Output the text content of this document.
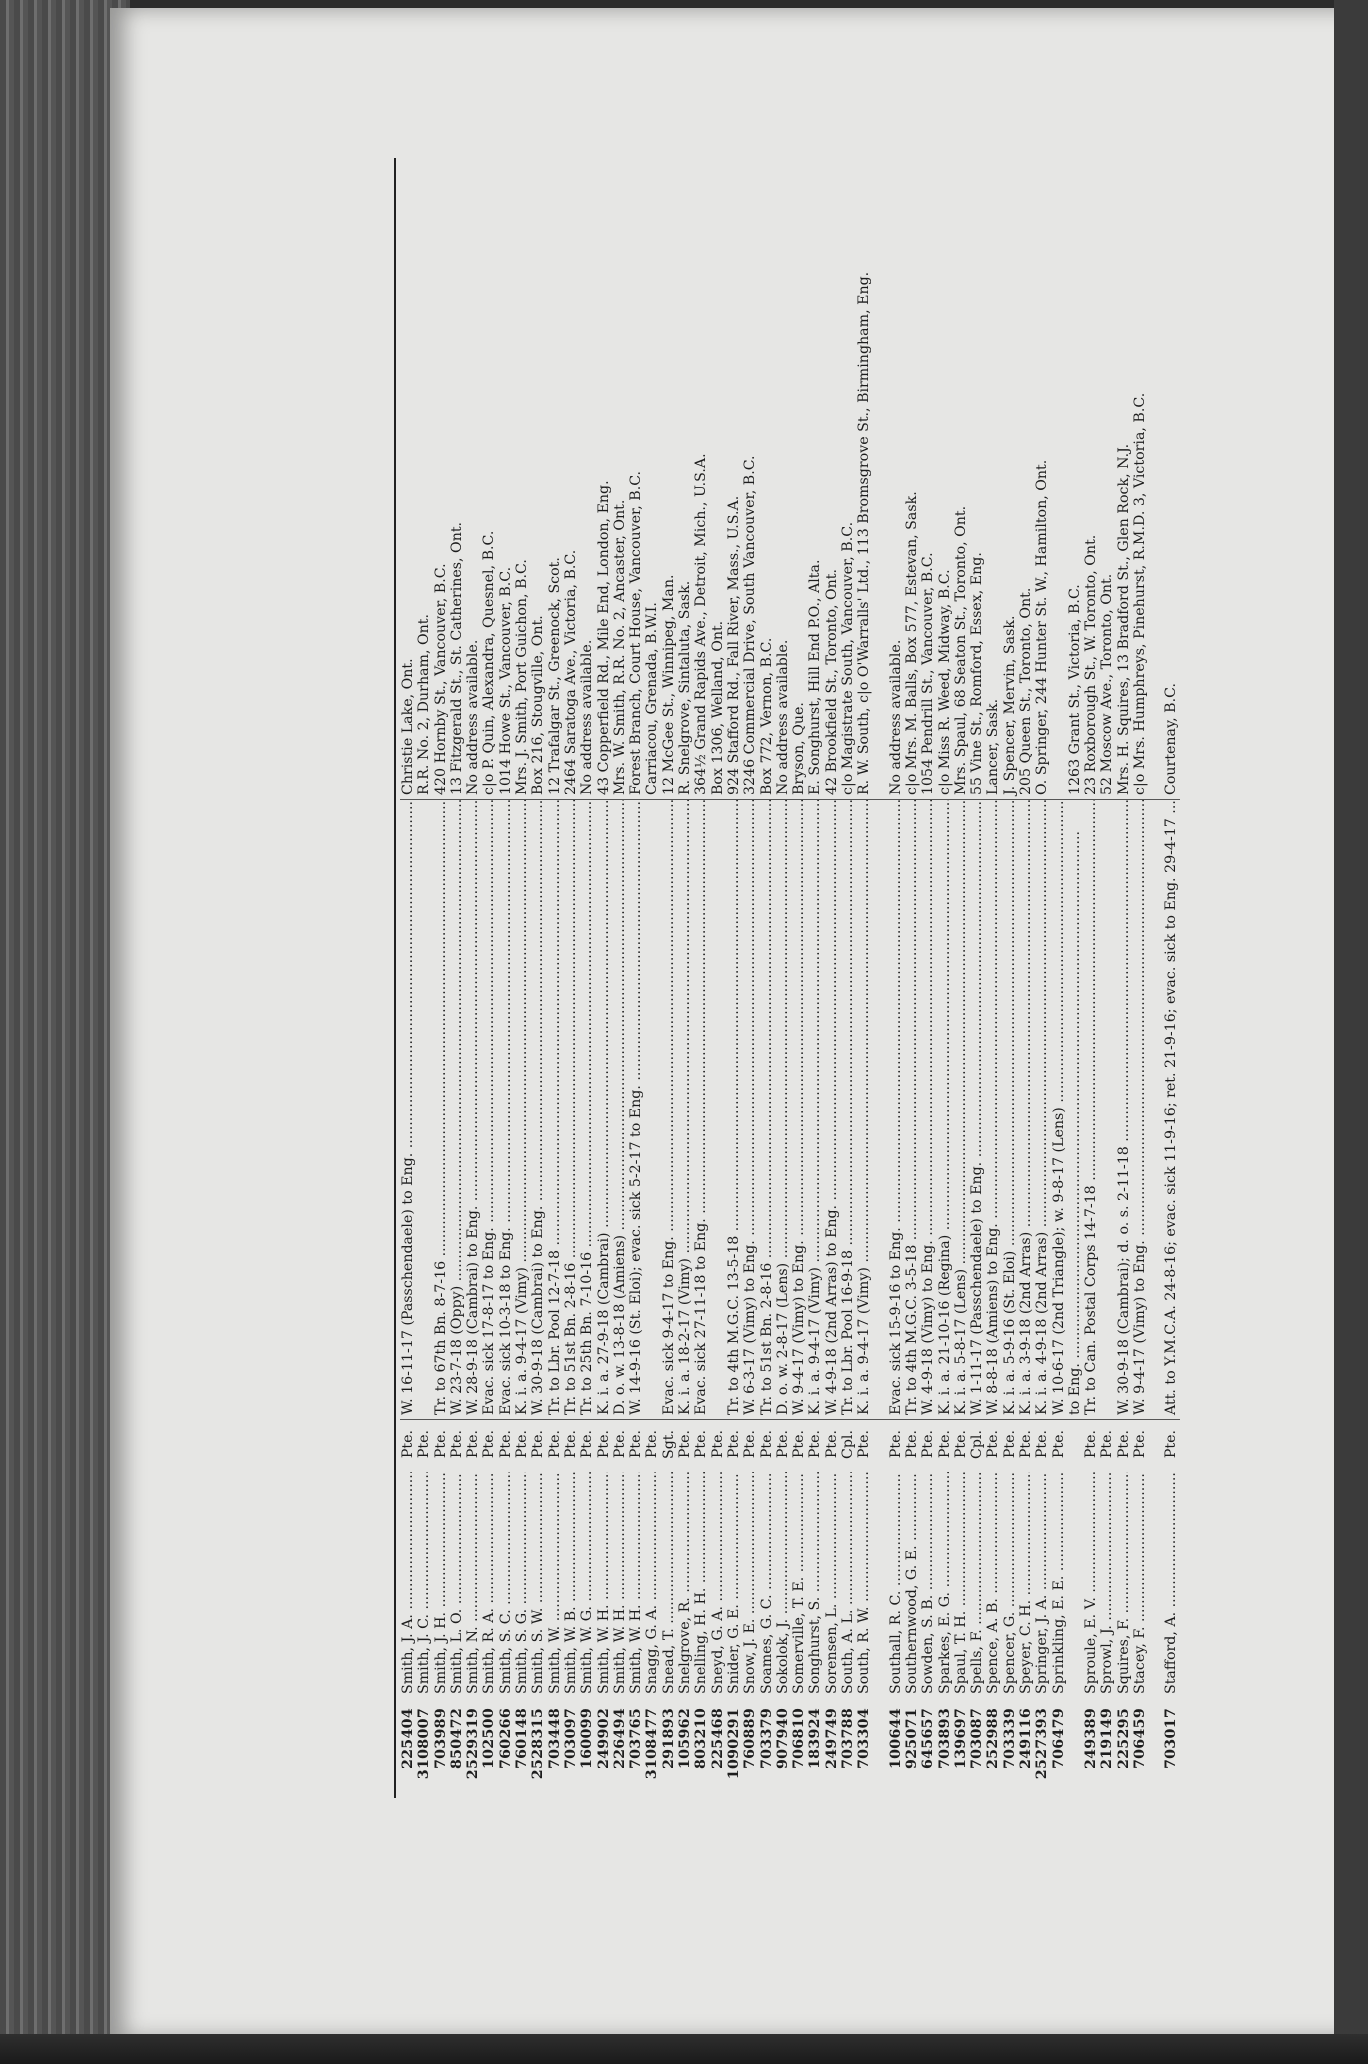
225404
Smith, J. A. .....
Pte.
W. 16-11-17 (Passchendaele) to Eng. .....
Christie Lake, Ont.
3108007
Smith, J. C. .....
Pte.
R.R. No. 2, Durham, Ont.
703989
Smith, J. H. .....
Pte.
Tr. to 67th Bn. 8-7-16 .....
420 Hornby St., Vancouver, B.C.
850472
Smith, L. O. .....
Pte.
W. 23-7-18 (Oppy) .....
13 Fitzgerald St., St. Catherines, Ont.
2529319
Smith, N. .....
Pte.
W. 28-9-18 (Cambrai) to Eng. .....
No address available.
102500
Smith, R. A. .....
Pte.
Evac. sick 17-8-17 to Eng. .....
c|o P. Quin, Alexandra, Quesnel, B.C.
760266
Smith, S. C. .....
Pte.
Evac. sick 10-3-18 to Eng. .....
1014 Howe St., Vancouver, B.C.
760148
Smith, S. G. .....
Pte.
K. i. a. 9-4-17 (Vimy) .....
Mrs. J. Smith, Port Guichon, B.C.
2528315
Smith, S. W. .....
Pte.
W. 30-9-18 (Cambrai) to Eng. .....
Box 216, Stougville, Ont.
703448
Smith, W. .....
Pte.
Tr. to Lbr. Pool 12-7-18 .....
12 Trafalgar St., Greenock, Scot.
703097
Smith, W. B. .....
Pte.
Tr. to 51st Bn. 2-8-16 .....
2464 Saratoga Ave., Victoria, B.C.
160099
Smith, W. G. .....
Pte.
Tr. to 25th Bn. 7-10-16 .....
No address available.
249902
Smith, W. H. .....
Pte.
K. i. a. 27-9-18 (Cambrai) .....
43 Copperfield Rd., Mile End, London, Eng.
226494
Smith, W. H. .....
Pte.
D. o. w. 13-8-18 (Amiens) .....
Mrs. W. Smith, R.R. No. 2, Ancaster, Ont.
703765
Smith, W. H. .....
Pte.
W. 14-9-16 (St. Eloi); evac. sick 5-2-17 to Eng. .....
Forest Branch, Court House, Vancouver, B.C.
3108477
Snagg, G. A. .....
Pte.
Carriacou, Grenada, B.W.I.
291893
Snead, T. .....
Sgt.
Evac. sick 9-4-17 to Eng. .....
12 McGee St., Winnipeg, Man.
105962
Snelgrove, R. .....
Pte.
K. i. a. 18-2-17 (Vimy) .....
R. Snelgrove, Sintaluta, Sask.
803210
Snelling, H. H. .....
Pte.
Evac. sick 27-11-18 to Eng. .....
364½ Grand Rapids Ave., Detroit, Mich., U.S.A.
225468
Sneyd, G. A. .....
Pte.
Box 1306, Welland, Ont.
1090291
Snider, G. E. .....
Pte.
Tr. to 4th M.G.C. 13-5-18 .....
924 Stafford Rd., Fall River, Mass., U.S.A.
760889
Snow, J. E. .....
Pte.
W. 6-3-17 (Vimy) to Eng. .....
3246 Commercial Drive, South Vancouver, B.C.
703379
Soames, G. C. .....
Pte.
Tr. to 51st Bn. 2-8-16 .....
Box 772, Vernon, B.C.
907940
Sokolok, J. .....
Pte.
D. o. w. 2-8-17 (Lens) .....
No address available.
706810
Somerville, T. E. .....
Pte.
W. 9-4-17 (Vimy) to Eng. .....
Bryson, Que.
183924
Songhurst, S. .....
Pte.
K. i. a. 9-4-17 (Vimy) .....
E. Songhurst, Hill End P.O., Alta.
249749
Sorensen, L. .....
Pte.
W. 4-9-18 (2nd Arras) to Eng. .....
42 Brookfield St., Toronto, Ont.
703788
South, A. L. .....
Cpl.
Tr. to Lbr. Pool 16-9-18 .....
c|o Magistrate South, Vancouver, B.C.
703304
South, R. W. .....
Pte.
K. i. a. 9-4-17 (Vimy) .....
R. W. South, c|o O'Warralls' Ltd., 113 Bromsgrove St., Birmingham, Eng.
100644
Southall, R. C. .....
Pte.
Evac. sick 15-9-16 to Eng. .....
No address available.
925071
Southernwood, G. E. .....
Pte.
Tr. to 4th M.G.C. 3-5-18 .....
c|o Mrs. M. Balls, Box 577, Estevan, Sask.
645657
Sowden, S. B. .....
Pte.
W. 4-9-18 (Vimy) to Eng. .....
1054 Pendrill St., Vancouver, B.C.
703893
Sparkes, E. G. .....
Pte.
K. i. a. 21-10-16 (Regina) .....
c|o Miss R. Weed, Midway, B.C.
139697
Spaul, T. H. .....
Pte.
K. i. a. 5-8-17 (Lens) .....
Mrs. Spaul, 68 Seaton St., Toronto, Ont.
703087
Spells, F. .....
Cpl.
W. 1-11-17 (Passchendaele) to Eng. .....
55 Vine St., Romford, Essex, Eng.
252988
Spence, A. B. .....
Pte.
W. 8-8-18 (Amiens) to Eng. .....
Lancer, Sask.
703339
Spencer, G. .....
Pte.
K. i. a. 5-9-16 (St. Eloi) .....
J. Spencer, Mervin, Sask.
249116
Speyer, C. H. .....
Pte.
K. i. a. 3-9-18 (2nd Arras) .....
205 Queen St., Toronto, Ont.
2527393
Springer, J. A. .....
Pte.
K. i. a. 4-9-18 (2nd Arras) .....
O. Springer, 244 Hunter St. W., Hamilton, Ont.
706479
Sprinkling, E. E. .....
Pte.
W. 10-6-17 (2nd Triangle); w. 9-8-17 (Lens) ..... to Eng. .....
1263 Grant St., Victoria, B.C.
249389
Sproule, E. V. .....
Pte.
Tr. to Can. Postal Corps 14-7-18 .....
23 Roxborough St., W. Toronto, Ont.
219149
Sprowl, J. .....
Pte.
52 Moscow Ave., Toronto, Ont.
225295
Squires, F. .....
Pte.
W. 30-9-18 (Cambrai); d. o. s. 2-11-18 .....
Mrs. H. Squires, 13 Bradford St., Glen Rock, N.J.
706459
Stacey, F. .....
Pte.
W. 9-4-17 (Vimy) to Eng. .....
c|o Mrs. Humphreys, Pinehurst, R.M.D. 3, Victoria, B.C.
703017
Stafford, A. .....
Pte.
Att. to Y.M.C.A. 24-8-16; evac. sick 11-9-16; ret. 21-9-16; evac. sick to Eng. 29-4-17 .....
Courtenay, B.C.
